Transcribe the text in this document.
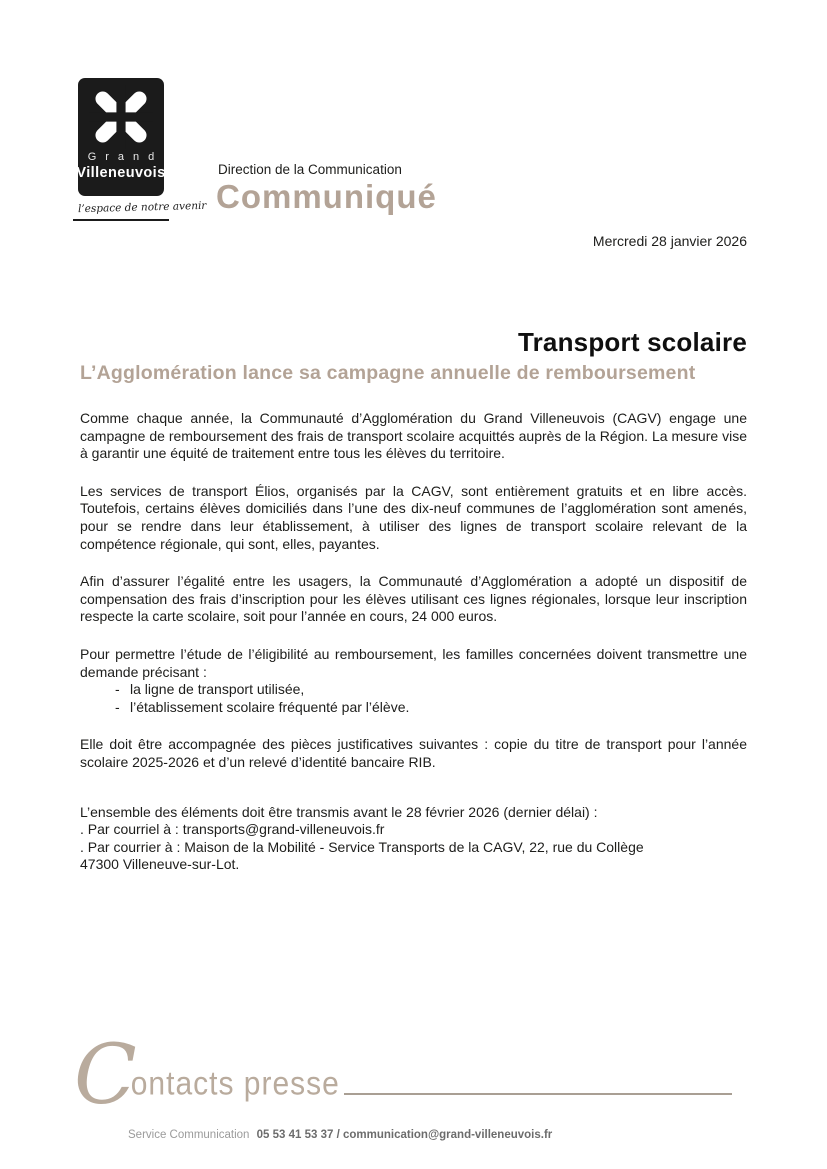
Grand
Villeneuvois
l’espace de notre avenir
Direction de la Communication
Communiqué
Mercredi 28 janvier 2026
Transport scolaire
L’Agglomération lance sa campagne annuelle de remboursement

Comme chaque année, la Communauté d’Agglomération du Grand Villeneuvois (CAGV) engage une campagne de remboursement des frais de transport scolaire acquittés auprès de la Région. La mesure vise à garantir une équité de traitement entre tous les élèves du territoire.

Les services de transport Élios, organisés par la CAGV, sont entièrement gratuits et en libre accès. Toutefois, certains élèves domiciliés dans l’une des dix-neuf communes de l’agglomération sont amenés, pour se rendre dans leur établissement, à utiliser des lignes de transport scolaire relevant de la compétence régionale, qui sont, elles, payantes.

Afin d’assurer l’égalité entre les usagers, la Communauté d’Agglomération a adopté un dispositif de compensation des frais d’inscription pour les élèves utilisant ces lignes régionales, lorsque leur inscription respecte la carte scolaire, soit pour l’année en cours, 24 000 euros.

Pour permettre l’étude de l’éligibilité au remboursement, les familles concernées doivent transmettre une demande précisant :

- la ligne de transport utilisée,
- l’établissement scolaire fréquenté par l’élève.

Elle doit être accompagnée des pièces justificatives suivantes : copie du titre de transport pour l’année scolaire 2025-2026 et d’un relevé d’identité bancaire RIB.

L’ensemble des éléments doit être transmis avant le 28 février 2026 (dernier délai) :
. Par courriel à : transports@grand-villeneuvois.fr
. Par courrier à : Maison de la Mobilité - Service Transports de la CAGV, 22, rue du Collège
47300 Villeneuve-sur-Lot.
C
ontacts presse
Service Communication 05 53 41 53 37 / communication@grand-villeneuvois.fr
